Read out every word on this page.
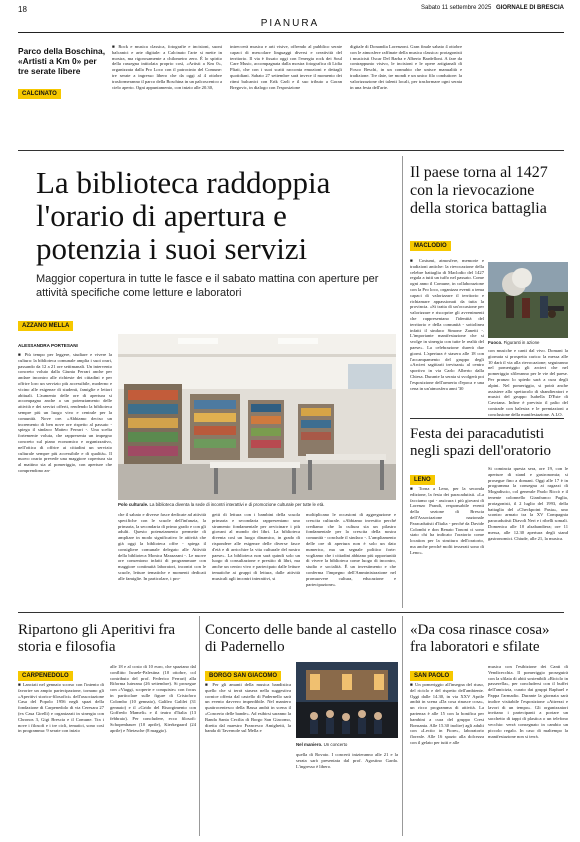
18	Sabato 11 settembre 2025 GIORNALE DI BRESCIA
PIANURA
Parco della Boschina, «Artisti a Km 0» per tre serate libere
CALCINATO
■ Rock e musica classica, fotografie e incisioni, suoni balcanici e arte digitale: a Calcinato l'arte si mette in mostra, ma rigorosamente a chilometro zero. È lo spirito della rassegna intitolata proprio così, «Artisti a Km 0», organizzata dalla Pro Loco con il patrocinio del Comune: tre serate a ingresso libero che da oggi al 4 ottobre trasformeranno il parco della Boschina in un palcoscenico a cielo aperto. Ogni appuntamento, con inizio alle 20.30,
intreccerà musica e arti visive, offrendo al pubblico serate capaci di mescolare linguaggi diversi e creatività del territorio. Il via è fissato oggi con l'energia rock dei Soul Care Music, accompagnata dalla mostra fotografica di Lidia Pliati, che con i suoi scatti racconta emozioni e dettagli quotidiani. Sabato 27 settembre sarà invece il momento dei ritmi balcanici con Erik Carli e il suo tributo a Goran Bregovic, in dialogo con l'esposizione
digitale di Donandia Lorenzoni. Gran finale sabato 4 ottobre con le atmosfere raffinate della musica classica: protagonisti i musicisti Oscar Del Barba e Alberto Bardelloni. A fare da contrappunto visivo, le incisioni e le opere artigianali di Fosco Beschi, in un connubio che unisce manualità e tradizione. Tre date, tre mondi e un unico filo conduttore: la valorizzazione dei talenti locali, per trasformare ogni serata in una festa dell'arte.
La biblioteca raddoppia l'orario di apertura e potenzia i suoi servizi
Maggior copertura in tutte le fasce e il sabato mattina con aperture per attività specifiche come letture e laboratori
AZZANO MELLA
ALESSANDRA PORTESANI
Polo culturale. La biblioteca diventa la sede di incontri interattivi e di promozione culturale per tutte le età.
■ Più tempo per leggere, studiare e vivere la cultura: la biblioteca comunale amplia i suoi orari, passando da 12 a 21 ore settimanali. Un intervento concreto voluto dalla Giunta Ferrari anche per andare incontro alle richieste dei cittadini e per offrire loro un servizio più accessibile, moderno e vicino alle esigenze di studenti, famiglie e lettori abituali. L'aumento delle ore di apertura si accompagna anche a un potenziamento delle attività e dei servizi offerti, rendendo la biblioteca sempre più un luogo vivo e centrale per la comunità. Nove ore. «Abbiamo deciso un incremento di ben nove ore rispetto al passato - spiega il sindaco Matteo Ferrari -. Una scelta fortemente voluta, che rappresenta un impegno concreto sul piano economico e organizzativo, nell'ottica di offrire ai cittadini un servizio culturale sempre più accessibile e di qualità». Il nuovo orario prevede una maggiore copertura sia al mattino sia al pomeriggio, con aperture che comprendono an-
che il sabato e diverse fasce dedicate ad attività specifiche con le scuole dell'infanzia, la primaria, la secondaria di primo grado e con gli adulti. Questo potenziamento permette di ampliare in modo significativo le attività che già oggi la biblioteca offre - spiega il consigliere comunale delegato alle Attività della biblioteca Monica Marazzani -. Le nuove ore consentono infatti di programmare con maggiore continuità laboratori, incontri con le scuole, letture tematiche e momenti dedicati alle famiglie. In particolare, i pro-
getti di lettura con i bambini della scuola primaria e secondaria rappresentano uno strumento fondamentale per avvicinare i più giovani al mondo dei libri. La biblioteca diventa così un luogo dinamico, in grado di rispondere alle esigenze delle diverse fasce d'età e di arricchire la vita culturale del nostro paese». La biblioteca non sarà quindi solo un luogo di consultazione e prestito di libri, ma anche un centro vivo e partecipato dalle letture tematiche ai gruppi di lettura, dalle attività musicali agli incontri interattivi, si
moltiplicano le occasioni di aggregazione e crescita culturale. «Abbiamo investito perché crediamo che la cultura sia un pilastro fondamentale per la crescita della nostra comunità - conclude il sindaco -. L'ampliamento delle ore di apertura non è solo un dato numerico, ma un segnale politico forte: vogliamo che i cittadini abbiano più opportunità di vivere la biblioteca come luogo di incontro, studio e socialità. È un investimento e che conferma l'impegno dell'Amministrazione nel promuovere cultura, educazione e partecipazione».
Il paese torna al 1427 con la rievocazione della storica battaglia
MACLODIO
Fuoco. Figuranti in azione
■ Costumi, atmosfere, memorie e tradizioni antiche: la rievocazione della celebre battaglia di Maclodio del 1427 regala a tutti un tuffo nel passato. Come ogni anno il Comune, in collaborazione con la Pro loco, organizza eventi a tema capaci di valorizzare il territorio e richiamare appassionati da tutta la provincia. «Si tratta di un'occasione per valorizzare e riscoprire gli avvenimenti che rappresentano l'identità del territorio e della comunità - sottolinea infatti il sindaco Simone Zanetti -. L'importante manifestazione che si svolge in sinergia con tutte le realtà del paese». La celebrazione durerà due giorni. L'apertura è stasera alle 18 con l'accampamento del gruppo degli «Arcieri sagittarii trevisani» al centro sportivo in via Carlo Alberto dalla Chiesa. Durante la serata si svolgerà poi l'esposizione dell'armeria d'epoca e una cena in un'atmosfera anni '30
con musiche e canti dal vivo. Domani la giornata si prospetta carica: la messa alle 10 darà il via alla rievocazione; seguiranno nel pomeriggio gli arcieri che nel pomeriggio sfileranno per le vie del paese. Per pranzo lo spiedo sarà a cura degli alpini. Nel pomeriggio, si potrà anche assistere allo spettacolo di sbandieratori e musici del gruppo Isabella D'Este di Cavriana. Infine è previsto il palio del contrade con balestra e le premiazioni a conclusione della manifestazione. A.LO.
Festa dei paracadutisti negli spazi dell'oratorio
LENO
■ Torna a Leno, per la seconda edizione, la festa dei paracadutisti. «La facciamo qui - assicura i più giovani di Lorenzo Prandi, responsabile eventi della sezione di Brescia dell'Associazione nazionale Paracadutisti d'Italia - perché da Davide Colombi e don Renato Tononi ci sono stato chi ha indicato l'oratorio come location per la struttura dell'oratorio, ma anche perché molti tesserati sono di Leno».
Si comincia questa sera, ore 19, con le aperture di stand e gastronomia; si prosegue fino a domani. Oggi alle 17 è in programma la consegna ai ragazzi di Mogadiscio, col generale Paolo Riccò e il tenente colonnello Gianfranco Paglia, protagonisti, il 2 luglio del 1993, della battaglia del «Checkpoint Pasta», uno scontro armato tra la XV Compagnia paracadutisti Diavoli Neri e i ribelli somali. Domenica alle 10 alzabandiera; ore 11 messa, alle 12.30 apertura degli stand gastronomici. Chiude, alle 21, la musica.
Ripartono gli Aperitivi fra storia e filosofia
CARPENEDOLO
■ Lanciati nel gennaio scorso con l'intento di favorire un ampio partecipazione, tornano gli «Aperitivi storico-filosofici» dell'associazione Casa del Popolo 1956 negli spazi della fondazione di Carpenedolo di via Ceresara 27 (ex Casa Girelli) e organizzati in sinergia con Chronos 3, Gigi Brescia e il Comune. Tra i nove i filosofi e i tre cicli, tematici, sono così in programma: 9 serate con inizio
alle 18 e al costo di 10 euro, che spaziano dal conflitto Israele-Palestina (10 ottobre, col contributo del prof. Federico Ferrari) alla Riforma luterana (26 settembre). Si prosegue con «Viaggi, scoperte e conquiste» con focus in particolare sulle figure di Cristoforo Colombo (10 gennaio), Galileo Galilei (31 gennaio) e il «Grido del Risorgimento con Goffredo Mameli» e il teatro d'Italia (13 febbraio). Per concludere, ecco filosofi: Schopenhauer (10 aprile), Kierkegaard (24 aprile) e Nietzsche (8 maggio).
Concerto delle bande al castello di Padernello
BORGO SAN GIACOMO
■ Per gli amanti della musica bandistica quello che si terrà stasera nella suggestiva cornice offerta dal castello di Padernello sarà un evento davvero imperdibile. Nel maniero quattrocentesco della Bassa andrà in scena il «Concerto delle bande». Ad esibirsi saranno la Banda Santa Cecilia di Borgo San Giacomo, diretta dal maestro Francesco Amighetti, la banda di Tavernole sul Mella e
Nel maniero. Un concerto
quella di Rovato. I concerti inizieranno alle 21 e la serata sarà presentata dal prof. Agostino Garda. L'ingresso è libero.
«Da cosa rinasce cosa» fra laboratori e sfilate
SAN PAOLO
■ Un pomeriggio all'insegna del riuso, del riciclo e del rispetto dell'ambiente. Oggi dalle 14.30, in via XXV Aprile andrà in scena «Da cosa rinasce cosa», un ricco programma di attività. La partenza è alle 15 con la bonifica per bambini a cura del gruppo Crest Bonsania. Alle 15.30 inoltre) agli adulti con «Lectio in Fiore», laboratorio floreale. Alle 16 spazio alla dolcezza con il gelato per tutti e alle
musica con l'esibizione dei Canti di Vendicecchia. Il pomeriggio proseguirà con la sfilata di abiti sostenibili «Riciclo in passerella», per concludersi con il buffet dell'amicizia, curato dai gruppi Raphael e Pappa l'armadio. Durante la giornata sarà inoltre visitabile l'esposizione «Attrezzi e lavori di un tempo». Gli organizzatori invitano i partecipanti a portare un sacchetto di tappi di plastica o un telefono vecchio: verrà consegnato in cambio un piccolo regalo. In caso di maltempo la manifestazione non si terrà.
